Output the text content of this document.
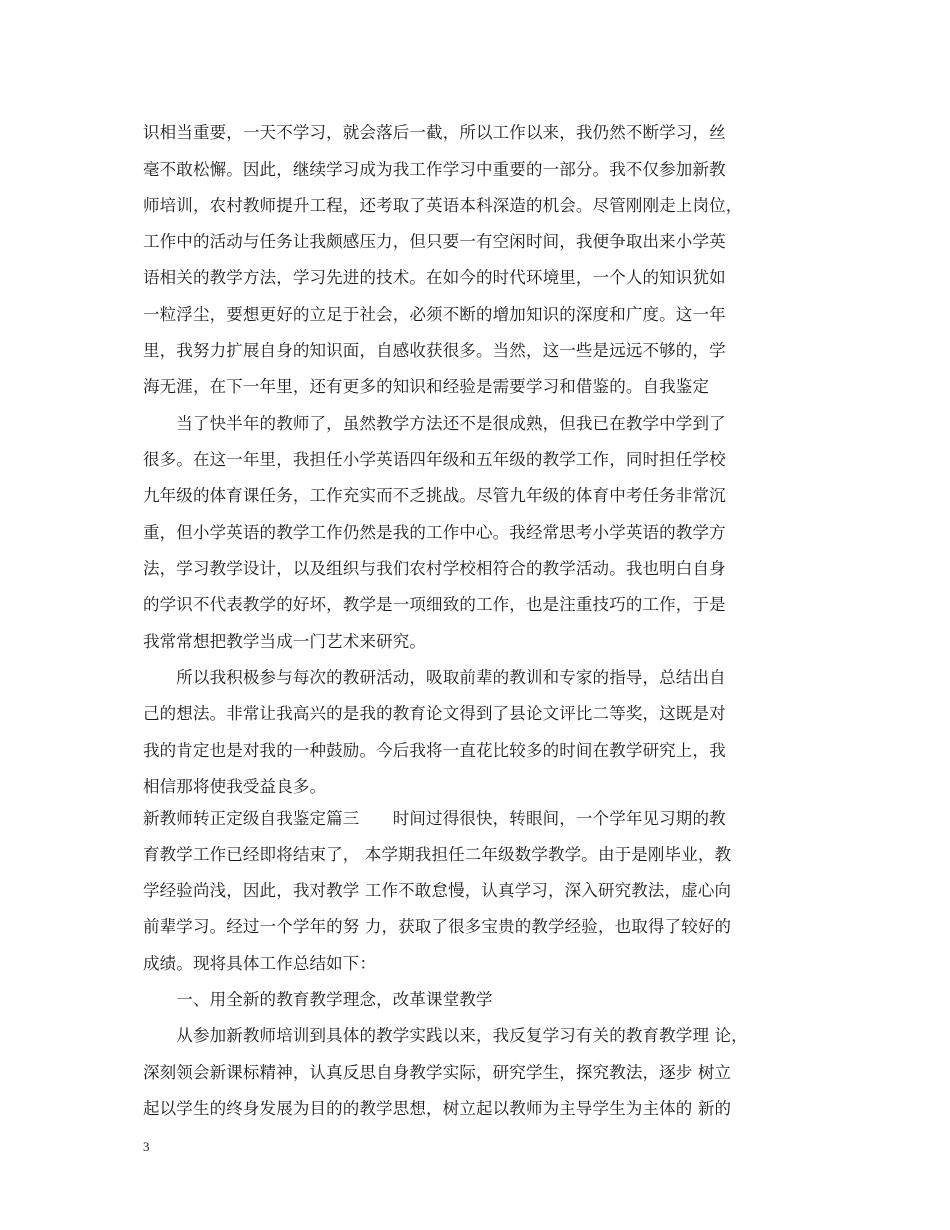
识相当重要，一天不学习，就会落后一截，所以工作以来，我仍然不断学习，丝
毫不敢松懈。因此，继续学习成为我工作学习中重要的一部分。我不仅参加新教
师培训，农村教师提升工程，还考取了英语本科深造的机会。尽管刚刚走上岗位，
工作中的活动与任务让我颇感压力，但只要一有空闲时间，我便争取出来小学英
语相关的教学方法，学习先进的技术。在如今的时代环境里，一个人的知识犹如
一粒浮尘，要想更好的立足于社会，必须不断的增加知识的深度和广度。这一年
里，我努力扩展自身的知识面，自感收获很多。当然，这一些是远远不够的，学
海无涯，在下一年里，还有更多的知识和经验是需要学习和借鉴的。自我鉴定
　　当了快半年的教师了，虽然教学方法还不是很成熟，但我已在教学中学到了
很多。在这一年里，我担任小学英语四年级和五年级的教学工作，同时担任学校
九年级的体育课任务，工作充实而不乏挑战。尽管九年级的体育中考任务非常沉
重，但小学英语的教学工作仍然是我的工作中心。我经常思考小学英语的教学方
法，学习教学设计，以及组织与我们农村学校相符合的教学活动。我也明白自身
的学识不代表教学的好坏，教学是一项细致的工作，也是注重技巧的工作，于是
我常常想把教学当成一门艺术来研究。
　　所以我积极参与每次的教研活动，吸取前辈的教训和专家的指导，总结出自
己的想法。非常让我高兴的是我的教育论文得到了县论文评比二等奖，这既是对
我的肯定也是对我的一种鼓励。今后我将一直花比较多的时间在教学研究上，我
相信那将使我受益良多。
新教师转正定级自我鉴定篇三　　时间过得很快，转眼间，一个学年见习期的教
育教学工作已经即将结束了， 本学期我担任二年级数学教学。由于是刚毕业，教
学经验尚浅，因此，我对教学 工作不敢怠慢，认真学习，深入研究教法，虚心向
前辈学习。经过一个学年的努 力，获取了很多宝贵的教学经验，也取得了较好的
成绩。现将具体工作总结如下：
　　一、用全新的教育教学理念，改革课堂教学
　　从参加新教师培训到具体的教学实践以来，我反复学习有关的教育教学理 论，
深刻领会新课标精神，认真反思自身教学实际，研究学生，探究教法，逐步 树立
起以学生的终身发展为目的的教学思想，树立起以教师为主导学生为主体的 新的
3
